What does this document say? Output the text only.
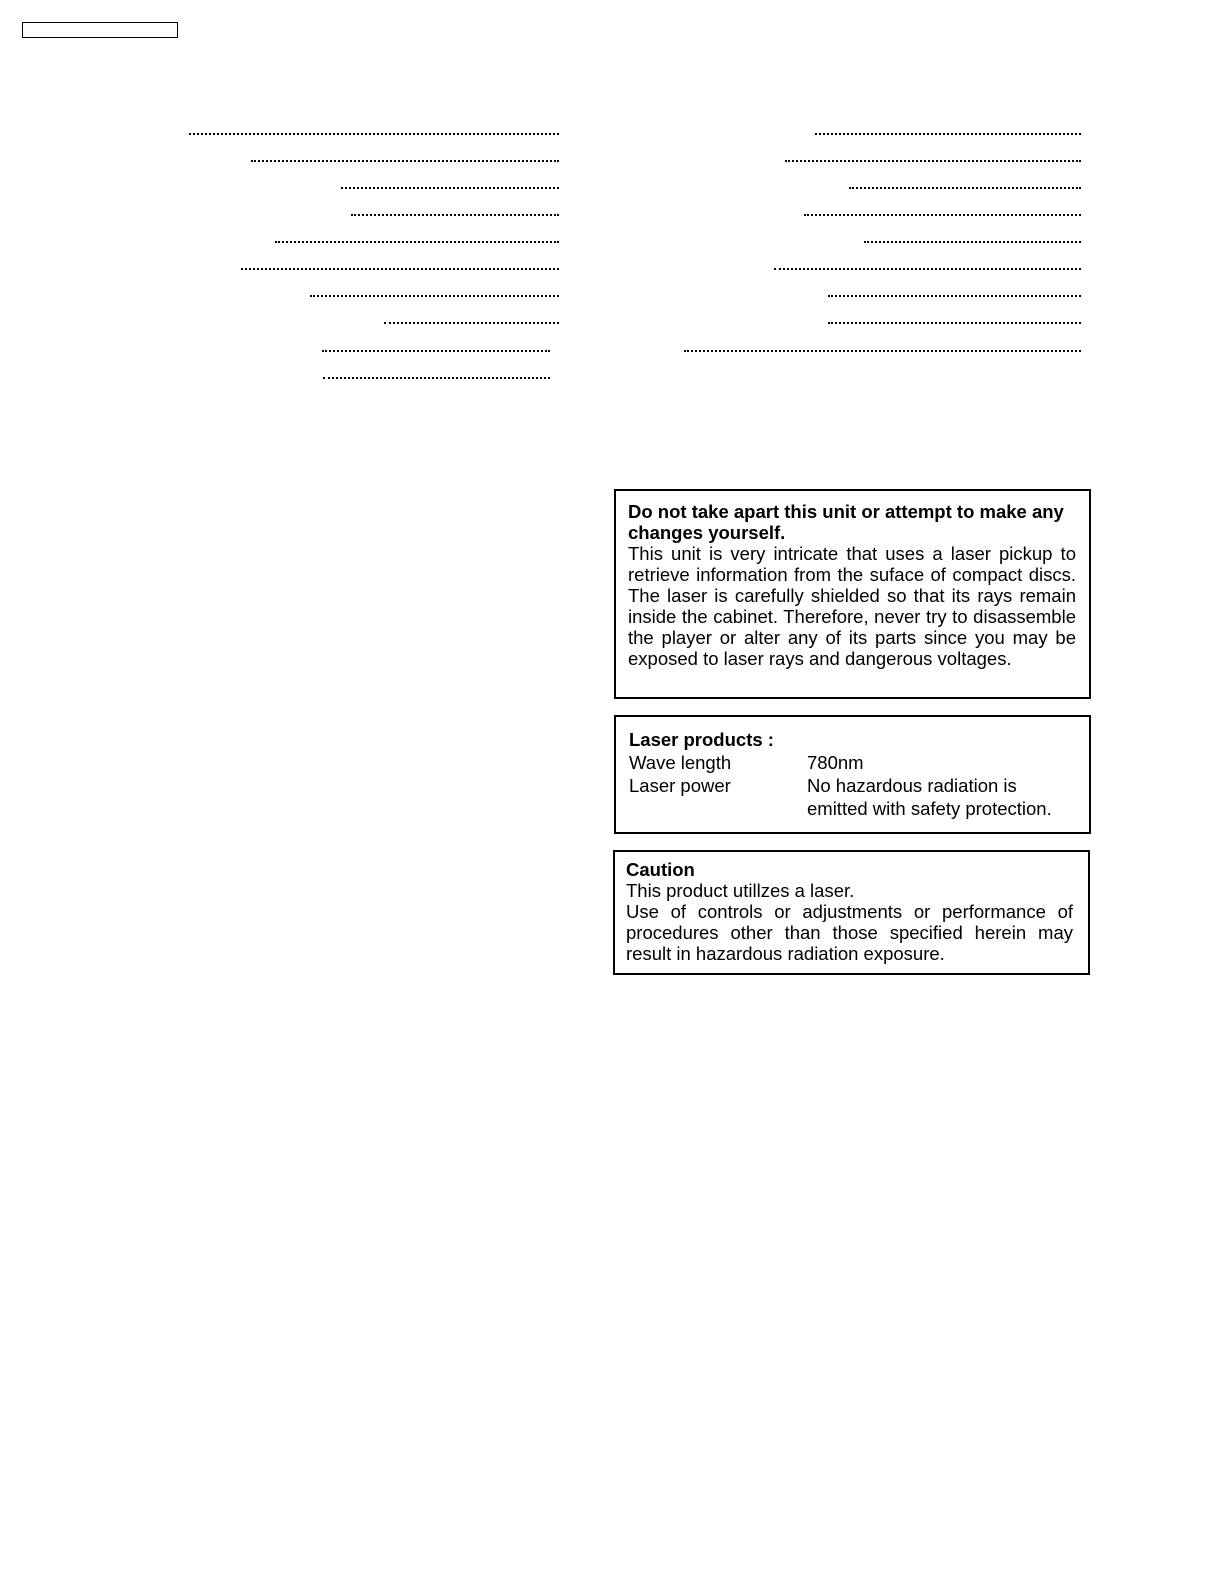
Do not take apart this unit or attempt to make any changes yourself.
This unit is very intricate that uses a laser pickup to retrieve information from the suface of compact discs. The laser is carefully shielded so that its rays remain inside the cabinet. Therefore, never try to disassemble the player or alter any of its parts since you may be exposed to laser rays and dangerous voltages.
Laser products :
Wave length	780nm
Laser power	No hazardous radiation is
emitted with safety protection.
Caution
This product utillzes a laser.
Use of controls or adjustments or performance of procedures other than those specified herein may result in hazardous radiation exposure.
